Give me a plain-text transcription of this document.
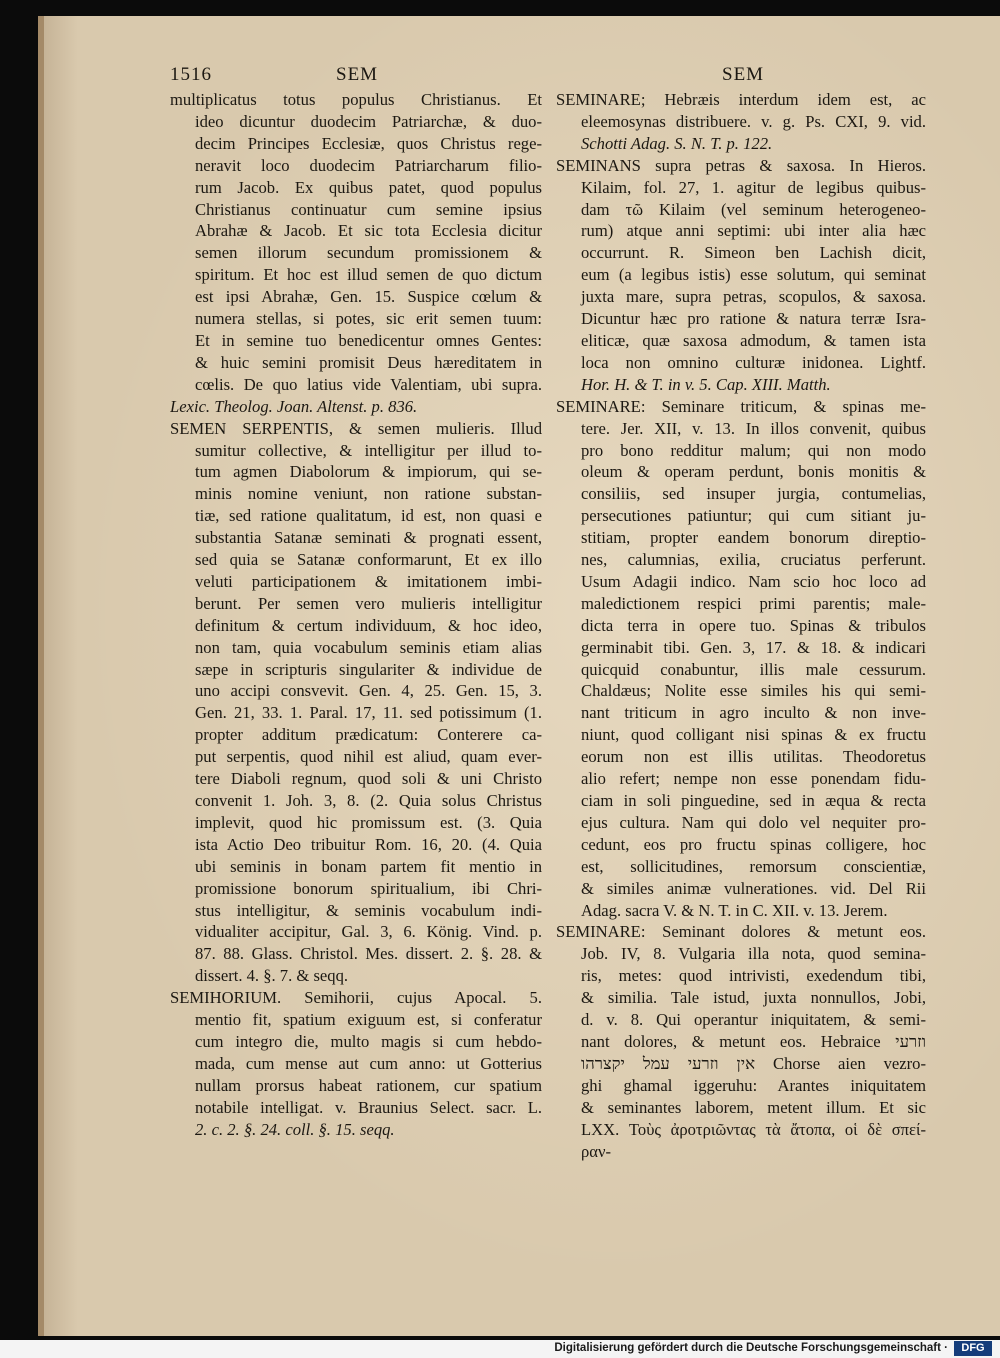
1516	SEM	SEM
multiplicatus totus populus Christianus. Et
ideo dicuntur duodecim Patriarchæ, & duo-
decim Principes Ecclesiæ, quos Christus rege-
neravit loco duodecim Patriarcharum filio-
rum Jacob. Ex quibus patet, quod populus
Christianus continuatur cum semine ipsius
Abrahæ & Jacob. Et sic tota Ecclesia dicitur
semen illorum secundum promissionem &
spiritum. Et hoc est illud semen de quo dictum
est ipsi Abrahæ, Gen. 15. Suspice cœlum &
numera stellas, si potes, sic erit semen tuum:
Et in semine tuo benedicentur omnes Gentes:
& huic semini promisit Deus hæreditatem in
cœlis. De quo latius vide Valentiam, ubi supra.
Lexic. Theolog. Joan. Altenst. p. 836.
SEMEN SERPENTIS, & semen mulieris. Illud
sumitur collective, & intelligitur per illud to-
tum agmen Diabolorum & impiorum, qui se-
minis nomine veniunt, non ratione substan-
tiæ, sed ratione qualitatum, id est, non quasi e
substantia Satanæ seminati & prognati essent,
sed quia se Satanæ conformarunt, Et ex illo
veluti participationem & imitationem imbi-
berunt. Per semen vero mulieris intelligitur
definitum & certum individuum, & hoc ideo,
non tam, quia vocabulum seminis etiam alias
sæpe in scripturis singulariter & individue de
uno accipi consvevit. Gen. 4, 25. Gen. 15, 3.
Gen. 21, 33. 1. Paral. 17, 11. sed potissimum (1.
propter additum prædicatum: Conterere ca-
put serpentis, quod nihil est aliud, quam ever-
tere Diaboli regnum, quod soli & uni Christo
convenit 1. Joh. 3, 8. (2. Quia solus Christus
implevit, quod hic promissum est. (3. Quia
ista Actio Deo tribuitur Rom. 16, 20. (4. Quia
ubi seminis in bonam partem fit mentio in
promissione bonorum spiritualium, ibi Chri-
stus intelligitur, & seminis vocabulum indi-
vidualiter accipitur, Gal. 3, 6. König. Vind. p.
87. 88. Glass. Christol. Mes. dissert. 2. §. 28. &
dissert. 4. §. 7. & seqq.
SEMIHORIUM. Semihorii, cujus Apocal. 5.
mentio fit, spatium exiguum est, si conferatur
cum integro die, multo magis si cum hebdo-
mada, cum mense aut cum anno: ut Gotterius
nullam prorsus habeat rationem, cur spatium
notabile intelligat. v. Braunius Select. sacr. L.
2. c. 2. §. 24. coll. §. 15. seqq.
SEMINARE; Hebræis interdum idem est, ac
eleemosynas distribuere. v. g. Ps. CXI, 9. vid.
Schotti Adag. S. N. T. p. 122.
SEMINANS supra petras & saxosa. In Hieros.
Kilaim, fol. 27, 1. agitur de legibus quibus-
dam τῶ Kilaim (vel seminum heterogeneo-
rum) atque anni septimi: ubi inter alia hæc
occurrunt. R. Simeon ben Lachish dicit,
eum (a legibus istis) esse solutum, qui seminat
juxta mare, supra petras, scopulos, & saxosa.
Dicuntur hæc pro ratione & natura terræ Isra-
eliticæ, quæ saxosa admodum, & tamen ista
loca non omnino culturæ inidonea. Lightf.
Hor. H. & T. in v. 5. Cap. XIII. Matth.
SEMINARE: Seminare triticum, & spinas me-
tere. Jer. XII, v. 13. In illos convenit, quibus
pro bono redditur malum; qui non modo
oleum & operam perdunt, bonis monitis &
consiliis, sed insuper jurgia, contumelias,
persecutiones patiuntur; qui cum sitiant ju-
stitiam, propter eandem bonorum direptio-
nes, calumnias, exilia, cruciatus perferunt.
Usum Adagii indico. Nam scio hoc loco ad
maledictionem respici primi parentis; male-
dicta terra in opere tuo. Spinas & tribulos
germinabit tibi. Gen. 3, 17. & 18. & indicari
quicquid conabuntur, illis male cessurum.
Chaldæus; Nolite esse similes his qui semi-
nant triticum in agro inculto & non inve-
niunt, quod colligant nisi spinas & ex fructu
eorum non est illis utilitas. Theodoretus
alio refert; nempe non esse ponendam fidu-
ciam in soli pinguedine, sed in æqua & recta
ejus cultura. Nam qui dolo vel nequiter pro-
cedunt, eos pro fructu spinas colligere, hoc
est, sollicitudines, remorsum conscientiæ,
& similes animæ vulnerationes. vid. Del Rii
Adag. sacra V. & N. T. in C. XII. v. 13. Jerem.
SEMINARE: Seminant dolores & metunt eos.
Job. IV, 8. Vulgaria illa nota, quod semina-
ris, metes: quod intrivisti, exedendum tibi,
& similia. Tale istud, juxta nonnullos, Jobi,
d. v. 8. Qui operantur iniquitatem, & semi-
nant dolores, & metunt eos. Hebraice וזרעי
אין וזרעי עמל יקצרהו Chorse aien vezro-
ghi ghamal iggeruhu: Arantes iniquitatem
& seminantes laborem, metent illum. Et sic
LXX. Τοὺς ἀροτριῶντας τὰ ἄτοπα, οἱ δὲ σπεί-
ραν-
Digitalisierung gefördert durch die Deutsche Forschungsgemeinschaft ·	DFG
